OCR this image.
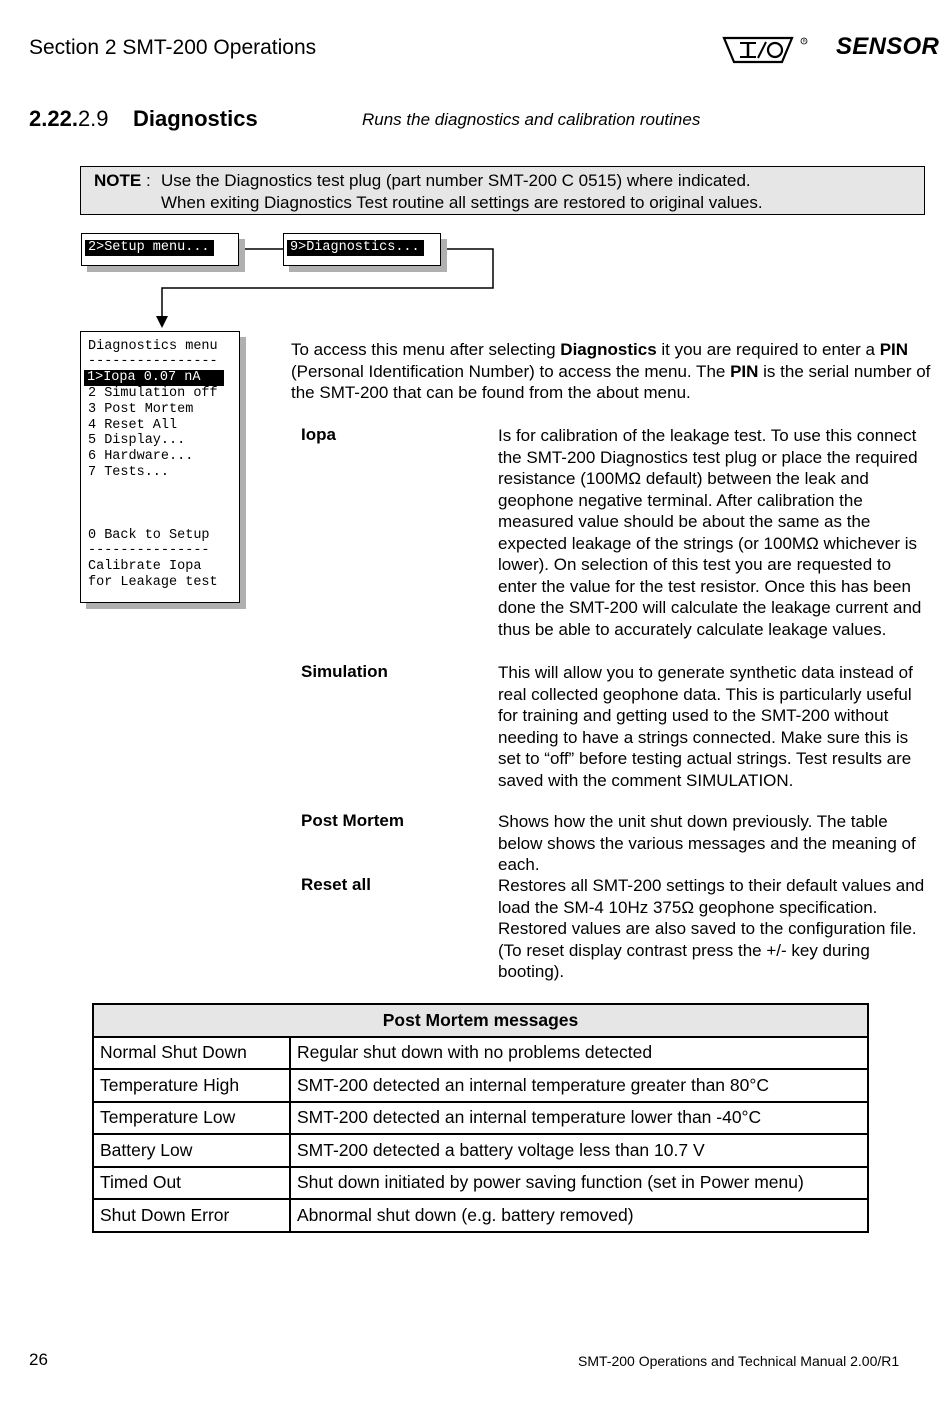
Section 2 SMT-200 Operations	R SENSOR
2.22.2.9 Diagnostics	Runs the diagnostics and calibration routines
NOTE : Use the Diagnostics test plug (part number SMT-200 C 0515) where indicated.
When exiting Diagnostics Test routine all settings are restored to original values.
2>Setup menu...	9>Diagnostics...
Diagnostics menu
----------------
1>Iopa 0.07 nA
2 Simulation off
3 Post Mortem
4 Reset All
5 Display...
6 Hardware...
7 Tests...
0 Back to Setup
---------------
Calibrate Iopa
for Leakage test
To access this menu after selecting Diagnostics it you are required to enter a PIN (Personal Identification Number) to access the menu. The PIN is the serial number of the SMT-200 that can be found from the about menu.
Iopa	Is for calibration of the leakage test. To use this connect the SMT-200 Diagnostics test plug or place the required resistance (100MΩ default) between the leak and geophone negative terminal. After calibration the measured value should be about the same as the expected leakage of the strings (or 100MΩ whichever is lower). On selection of this test you are requested to enter the value for the test resistor. Once this has been done the SMT-200 will calculate the leakage current and thus be able to accurately calculate leakage values.
Simulation	This will allow you to generate synthetic data instead of real collected geophone data. This is particularly useful for training and getting used to the SMT-200 without needing to have a strings connected. Make sure this is set to “off” before testing actual strings. Test results are saved with the comment SIMULATION.
Post Mortem	Shows how the unit shut down previously. The table below shows the various messages and the meaning of each.
Reset all	Restores all SMT-200 settings to their default values and load the SM-4 10Hz 375Ω geophone specification. Restored values are also saved to the configuration file. (To reset display contrast press the +/- key during booting).
Post Mortem messages	
Normal Shut Down	Regular shut down with no problems detected
Temperature High	SMT-200 detected an internal temperature greater than 80°C
Temperature Low	SMT-200 detected an internal temperature lower than -40°C
Battery Low	SMT-200 detected a battery voltage less than 10.7 V
Timed Out	Shut down initiated by power saving function (set in Power menu)
Shut Down Error	Abnormal shut down (e.g. battery removed)
26	SMT-200 Operations and Technical Manual 2.00/R1
